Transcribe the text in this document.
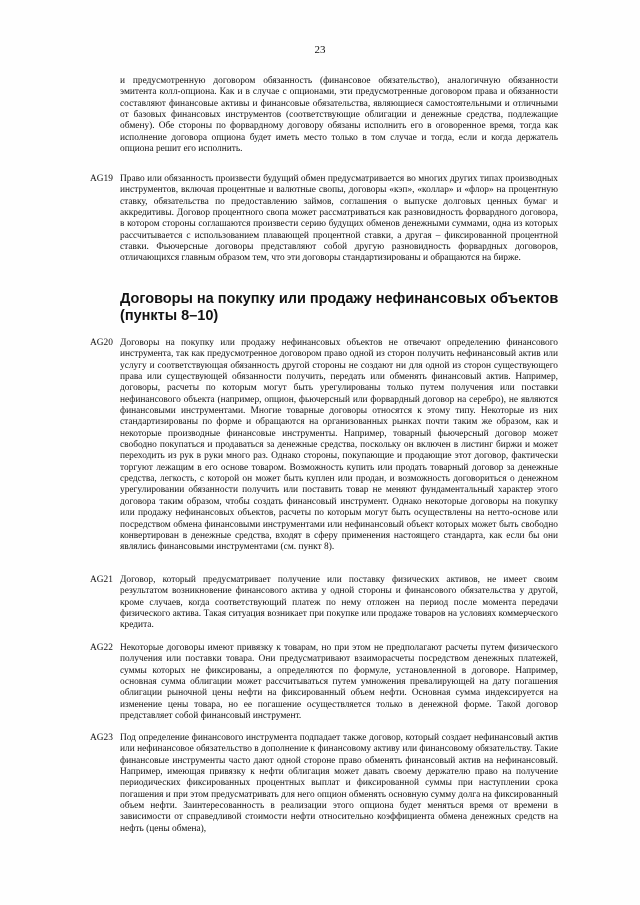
23

и предусмотренную договором обязанность (финансовое обязательство), аналогичную обязанности эмитента колл-опциона. Как и в случае с опционами, эти предусмотренные договором права и обязанности составляют финансовые активы и финансовые обязательства, являющиеся самостоятельными и отличными от базовых финансовых инструментов (соответствующие облигации и денежные средства, подлежащие обмену). Обе стороны по форвардному договору обязаны исполнить его в оговоренное время, тогда как исполнение договора опциона будет иметь место только в том случае и тогда, если и когда держатель опциона решит его исполнить.

AG19 Право или обязанность произвести будущий обмен предусматривается во многих других типах производных инструментов, включая процентные и валютные свопы, договоры «кэп», «коллар» и «флор» на процентную ставку, обязательства по предоставлению займов, соглашения о выпуске долговых ценных бумаг и аккредитивы. Договор процентного свопа может рассматриваться как разновидность форвардного договора, в котором стороны соглашаются произвести серию будущих обменов денежными суммами, одна из которых рассчитывается с использованием плавающей процентной ставки, а другая – фиксированной процентной ставки. Фьючерсные договоры представляют собой другую разновидность форвардных договоров, отличающихся главным образом тем, что эти договоры стандартизированы и обращаются на бирже.

Договоры на покупку или продажу нефинансовых объектов (пункты 8–10)
AG20 Договоры на покупку или продажу нефинансовых объектов не отвечают определению финансового инструмента, так как предусмотренное договором право одной из сторон получить нефинансовый актив или услугу и соответствующая обязанность другой стороны не создают ни для одной из сторон существующего права или существующей обязанности получить, передать или обменять финансовый актив. Например, договоры, расчеты по которым могут быть урегулированы только путем получения или поставки нефинансового объекта (например, опцион, фьючерсный или форвардный договор на серебро), не являются финансовыми инструментами. Многие товарные договоры относятся к этому типу. Некоторые из них стандартизированы по форме и обращаются на организованных рынках почти таким же образом, как и некоторые производные финансовые инструменты. Например, товарный фьючерсный договор может свободно покупаться и продаваться за денежные средства, поскольку он включен в листинг биржи и может переходить из рук в руки много раз. Однако стороны, покупающие и продающие этот договор, фактически торгуют лежащим в его основе товаром. Возможность купить или продать товарный договор за денежные средства, легкость, с которой он может быть куплен или продан, и возможность договориться о денежном урегулировании обязанности получить или поставить товар не меняют фундаментальный характер этого договора таким образом, чтобы создать финансовый инструмент. Однако некоторые договоры на покупку или продажу нефинансовых объектов, расчеты по которым могут быть осуществлены на нетто-основе или посредством обмена финансовыми инструментами или нефинансовый объект которых может быть свободно конвертирован в денежные средства, входят в сферу применения настоящего стандарта, как если бы они являлись финансовыми инструментами (см. пункт 8).

AG21 Договор, который предусматривает получение или поставку физических активов, не имеет своим результатом возникновение финансового актива у одной стороны и финансового обязательства у другой, кроме случаев, когда соответствующий платеж по нему отложен на период после момента передачи физического актива. Такая ситуация возникает при покупке или продаже товаров на условиях коммерческого кредита.

AG22 Некоторые договоры имеют привязку к товарам, но при этом не предполагают расчеты путем физического получения или поставки товара. Они предусматривают взаиморасчеты посредством денежных платежей, суммы которых не фиксированы, а определяются по формуле, установленной в договоре. Например, основная сумма облигации может рассчитываться путем умножения превалирующей на дату погашения облигации рыночной цены нефти на фиксированный объем нефти. Основная сумма индексируется на изменение цены товара, но ее погашение осуществляется только в денежной форме. Такой договор представляет собой финансовый инструмент.

AG23 Под определение финансового инструмента подпадает также договор, который создает нефинансовый актив или нефинансовое обязательство в дополнение к финансовому активу или финансовому обязательству. Такие финансовые инструменты часто дают одной стороне право обменять финансовый актив на нефинансовый. Например, имеющая привязку к нефти облигация может давать своему держателю право на получение периодических фиксированных процентных выплат и фиксированной суммы при наступлении срока погашения и при этом предусматривать для него опцион обменять основную сумму долга на фиксированный объем нефти. Заинтересованность в реализации этого опциона будет меняться время от времени в зависимости от справедливой стоимости нефти относительно коэффициента обмена денежных средств на нефть (цены обмена),
